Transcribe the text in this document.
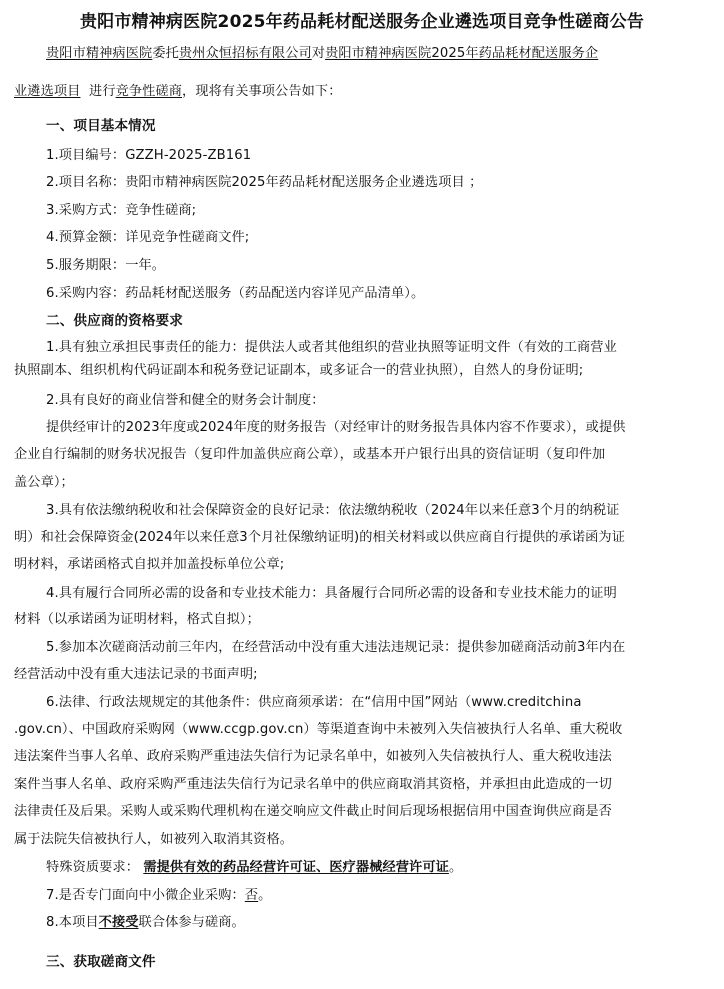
贵阳市精神病医院2025年药品耗材配送服务企业遴选项目竞争性磋商公告
贵阳市精神病医院委托贵州众恒招标有限公司对贵阳市精神病医院2025年药品耗材配送服务企
业遴选项目 进行竞争性磋商，现将有关事项公告如下：
一、项目基本情况
1.项目编号：GZZH-2025-ZB161
2.项目名称：贵阳市精神病医院2025年药品耗材配送服务企业遴选项目 ；
3.采购方式：竞争性磋商;
4.预算金额：详见竞争性磋商文件;
5.服务期限：一年。
6.采购内容：药品耗材配送服务（药品配送内容详见产品清单）。
二、供应商的资格要求
1.具有独立承担民事责任的能力：提供法人或者其他组织的营业执照等证明文件（有效的工商营业
执照副本、组织机构代码证副本和税务登记证副本，或多证合一的营业执照），自然人的身份证明;
2.具有良好的商业信誉和健全的财务会计制度：
提供经审计的2023年度或2024年度的财务报告（对经审计的财务报告具体内容不作要求），或提供
企业自行编制的财务状况报告（复印件加盖供应商公章），或基本开户银行出具的资信证明（复印件加
盖公章）；
3.具有依法缴纳税收和社会保障资金的良好记录：依法缴纳税收（2024年以来任意3个月的纳税证
明）和社会保障资金(2024年以来任意3个月社保缴纳证明)的相关材料或以供应商自行提供的承诺函为证
明材料，承诺函格式自拟并加盖投标单位公章;
4.具有履行合同所必需的设备和专业技术能力：具备履行合同所必需的设备和专业技术能力的证明
材料（以承诺函为证明材料，格式自拟）；
5.参加本次磋商活动前三年内，在经营活动中没有重大违法违规记录：提供参加磋商活动前3年内在
经营活动中没有重大违法记录的书面声明;
6.法律、行政法规规定的其他条件：供应商须承诺：在“信用中国”网站（www.creditchina
.gov.cn）、中国政府采购网（www.ccgp.gov.cn）等渠道查询中未被列入失信被执行人名单、重大税收
违法案件当事人名单、政府采购严重违法失信行为记录名单中，如被列入失信被执行人、重大税收违法
案件当事人名单、政府采购严重违法失信行为记录名单中的供应商取消其资格，并承担由此造成的一切
法律责任及后果。采购人或采购代理机构在递交响应文件截止时间后现场根据信用中国查询供应商是否
属于法院失信被执行人，如被列入取消其资格。
特殊资质要求： 需提供有效的药品经营许可证、医疗器械经营许可证。
7.是否专门面向中小微企业采购：否。
8.本项目不接受联合体参与磋商。
三、获取磋商文件
